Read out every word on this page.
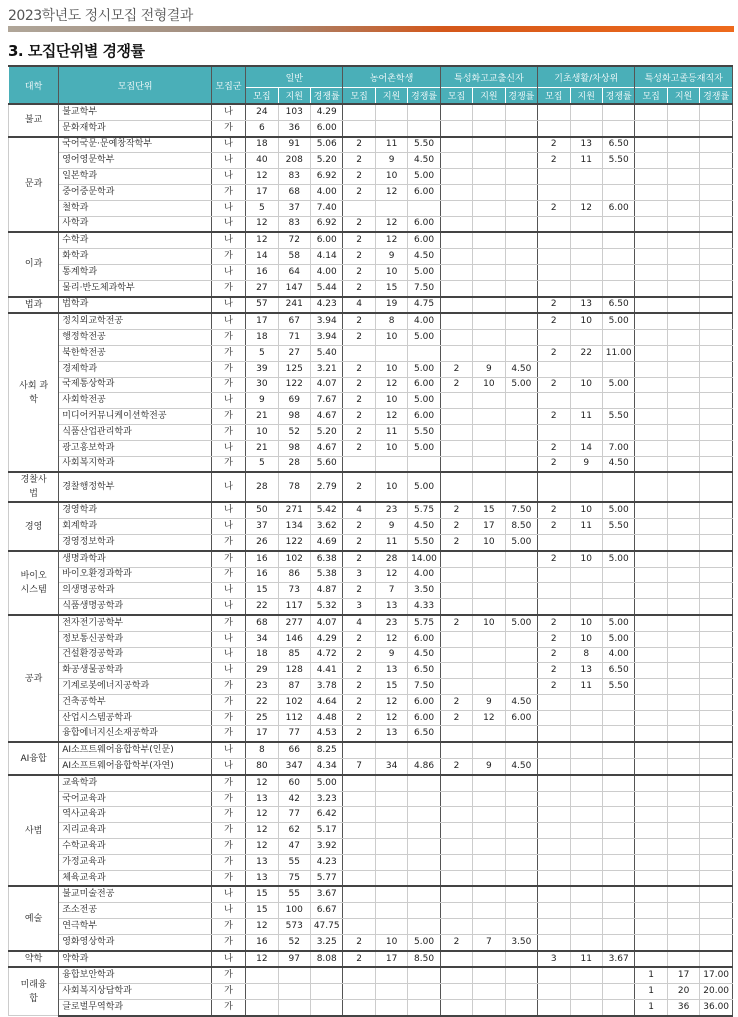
2023학년도 정시모집 전형결과
3. 모집단위별 경쟁률
대학	모집단위	모집군	일반			농어촌학생			특성화고교출신자			기초생활/차상위			특성화고졸등재직자		
			모집	지원	경쟁률	모집	지원	경쟁률	모집	지원	경쟁률	모집	지원	경쟁률	모집	지원	경쟁률
불교	불교학부	나	24	103	4.29												
	문화재학과	가	6	36	6.00												
문과	국어국문·문예창작학부	나	18	91	5.06	2	11	5.50				2	13	6.50			
	영어영문학부	나	40	208	5.20	2	9	4.50				2	11	5.50			
	일본학과	나	12	83	6.92	2	10	5.00									
	중어중문학과	가	17	68	4.00	2	12	6.00									
	철학과	나	5	37	7.40							2	12	6.00			
	사학과	나	12	83	6.92	2	12	6.00									
이과	수학과	나	12	72	6.00	2	12	6.00									
	화학과	가	14	58	4.14	2	9	4.50									
	통계학과	나	16	64	4.00	2	10	5.00									
	물리·반도체과학부	가	27	147	5.44	2	15	7.50									
법과	법학과	나	57	241	4.23	4	19	4.75				2	13	6.50			
사회 과학	정치외교학전공	나	17	67	3.94	2	8	4.00				2	10	5.00			
	행정학전공	가	18	71	3.94	2	10	5.00									
	북한학전공	가	5	27	5.40							2	22	11.00			
	경제학과	가	39	125	3.21	2	10	5.00	2	9	4.50						
	국제통상학과	가	30	122	4.07	2	12	6.00	2	10	5.00	2	10	5.00			
	사회학전공	나	9	69	7.67	2	10	5.00									
	미디어커뮤니케이션학전공	가	21	98	4.67	2	12	6.00				2	11	5.50			
	식품산업관리학과	가	10	52	5.20	2	11	5.50									
	광고홍보학과	나	21	98	4.67	2	10	5.00				2	14	7.00			
	사회복지학과	가	5	28	5.60							2	9	4.50			
경찰사법	경찰행정학부	나	28	78	2.79	2	10	5.00									
경영	경영학과	나	50	271	5.42	4	23	5.75	2	15	7.50	2	10	5.00			
	회계학과	나	37	134	3.62	2	9	4.50	2	17	8.50	2	11	5.50			
	경영정보학과	가	26	122	4.69	2	11	5.50	2	10	5.00						
바이오 시스템	생명과학과	가	16	102	6.38	2	28	14.00				2	10	5.00			
	바이오환경과학과	가	16	86	5.38	3	12	4.00									
	의생명공학과	나	15	73	4.87	2	7	3.50									
	식품생명공학과	나	22	117	5.32	3	13	4.33									
공과	전자전기공학부	가	68	277	4.07	4	23	5.75	2	10	5.00	2	10	5.00			
	정보통신공학과	나	34	146	4.29	2	12	6.00				2	10	5.00			
	건설환경공학과	나	18	85	4.72	2	9	4.50				2	8	4.00			
	화공생물공학과	나	29	128	4.41	2	13	6.50				2	13	6.50			
	기계로봇에너지공학과	가	23	87	3.78	2	15	7.50				2	11	5.50			
	건축공학부	가	22	102	4.64	2	12	6.00	2	9	4.50						
	산업시스템공학과	가	25	112	4.48	2	12	6.00	2	12	6.00						
	융합에너지신소재공학과	가	17	77	4.53	2	13	6.50									
AI융합	AI소프트웨어융합학부(인문)	나	8	66	8.25												
	AI소프트웨어융합학부(자연)	나	80	347	4.34	7	34	4.86	2	9	4.50						
사범	교육학과	가	12	60	5.00												
	국어교육과	가	13	42	3.23												
	역사교육과	가	12	77	6.42												
	지리교육과	가	12	62	5.17												
	수학교육과	가	12	47	3.92												
	가정교육과	가	13	55	4.23												
	체육교육과	가	13	75	5.77												
예술	불교미술전공	나	15	55	3.67												
	조소전공	나	15	100	6.67												
	연극학부	가	12	573	47.75												
	영화영상학과	가	16	52	3.25	2	10	5.00	2	7	3.50						
약학	약학과	나	12	97	8.08	2	17	8.50				3	11	3.67			
미래융합	융합보안학과	가													1	17	17.00
	사회복지상담학과	가													1	20	20.00
	글로벌무역학과	가													1	36	36.00
